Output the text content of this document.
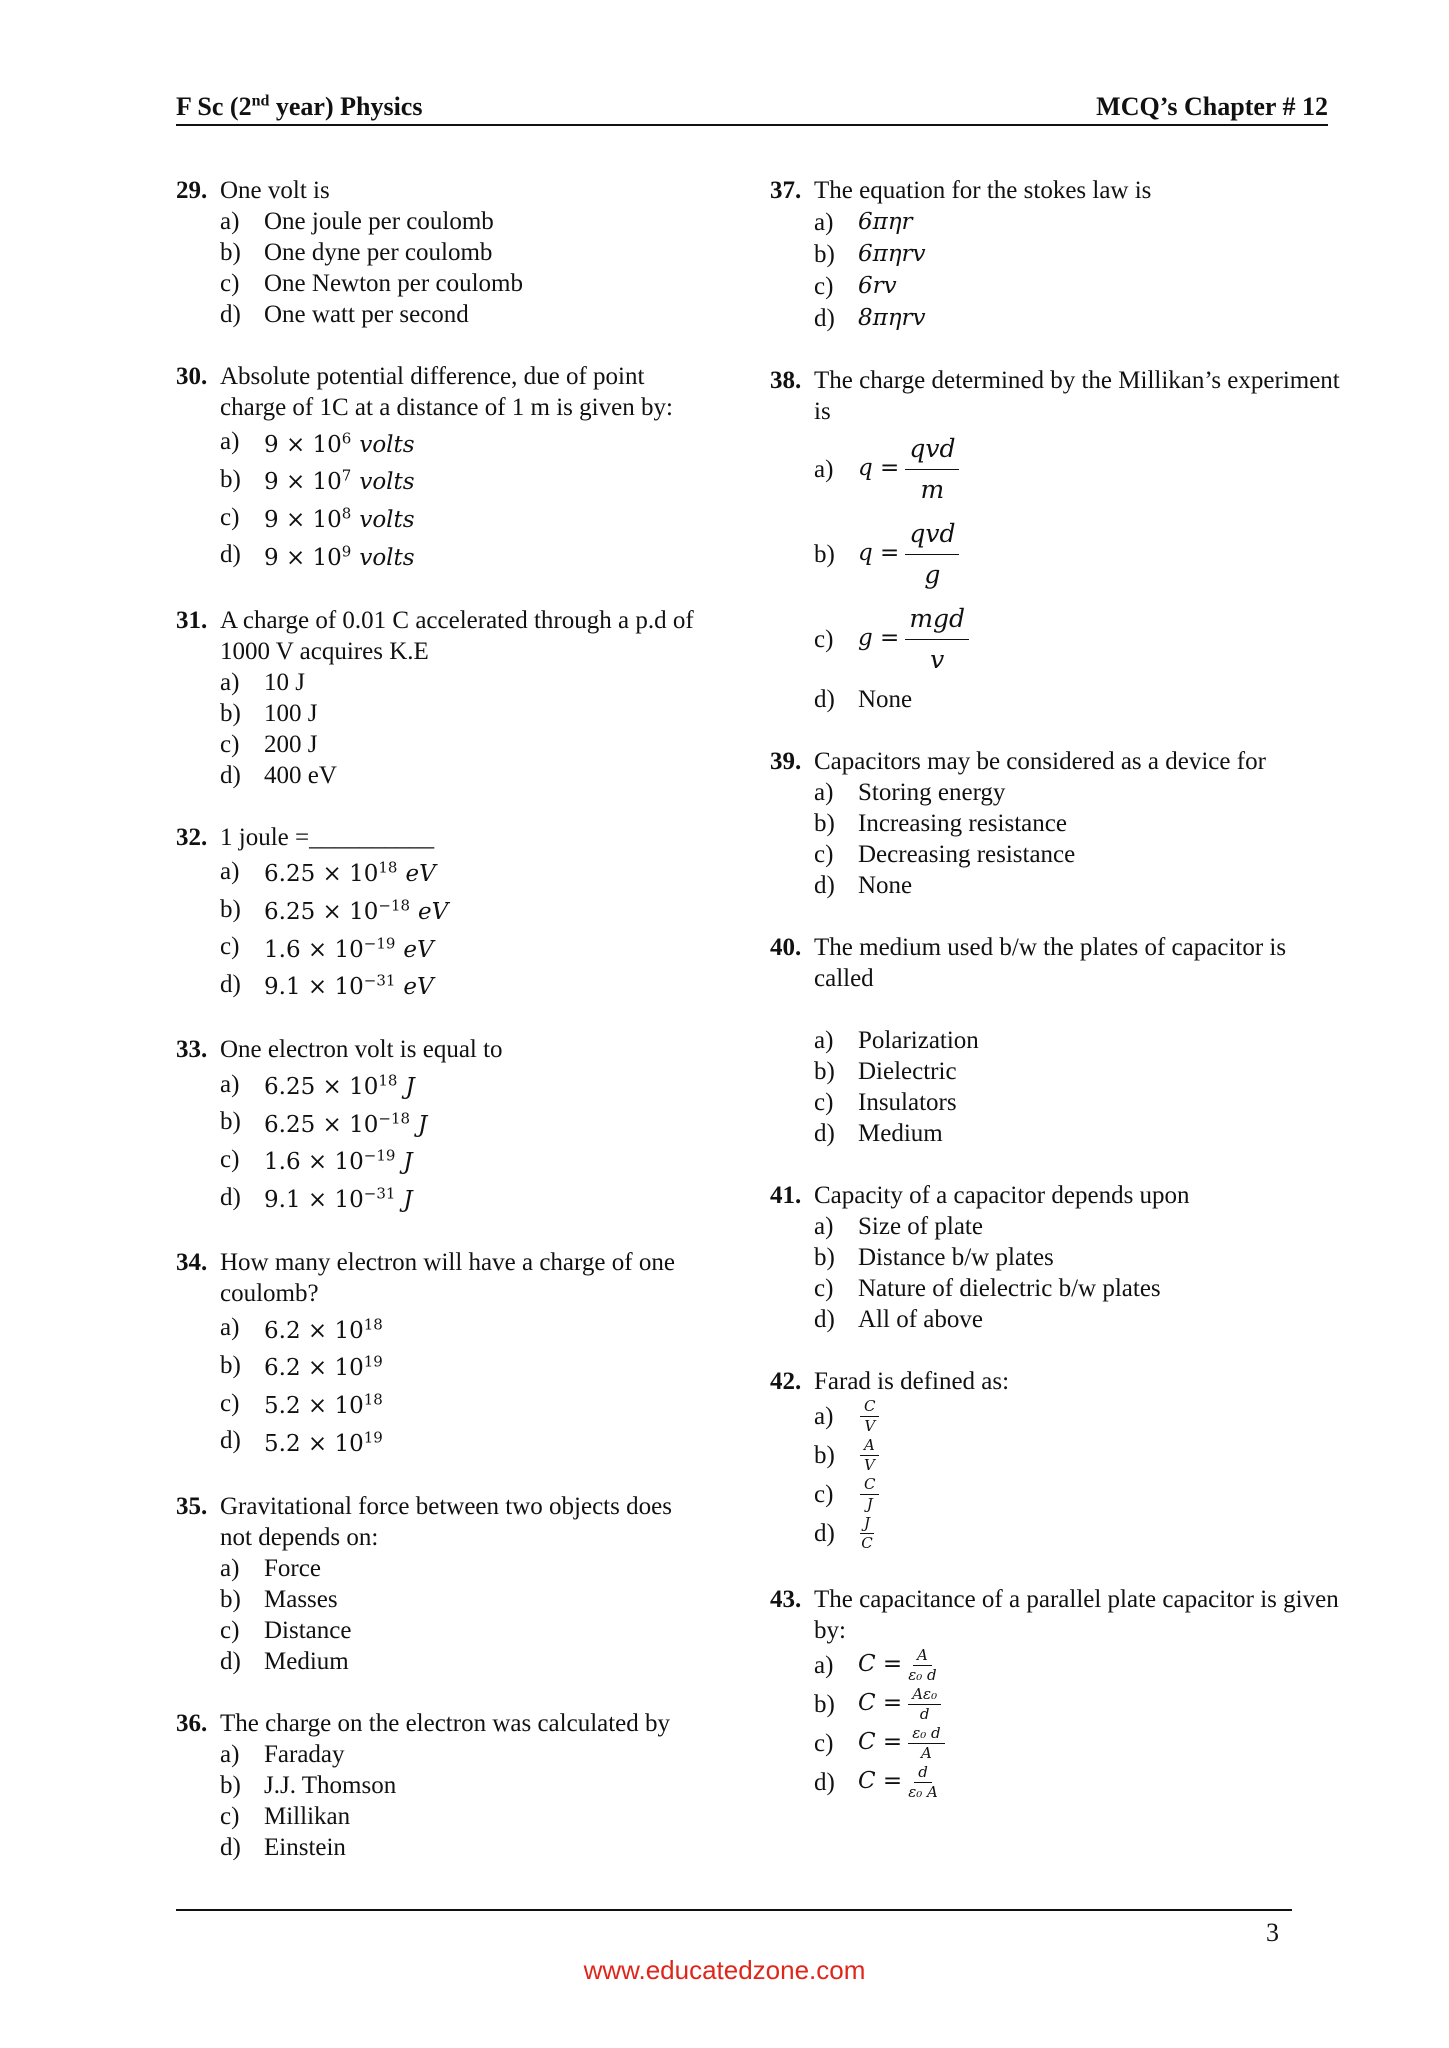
F Sc (2nd year) Physics	MCQ’s Chapter # 12
29. One volt is
a) One joule per coulomb
b) One dyne per coulomb
c) One Newton per coulomb
d) One watt per second
30. Absolute potential difference, due of point charge of 1C at a distance of 1 m is given by:
a)	$9 \times 10^6$ volts
b)	$9 \times 10^7$ volts
c)	$9 \times 10^8$ volts
d)	$9 \times 10^9$ volts
31. A charge of 0.01 C accelerated through a p.d of 1000 V acquires K.E
a) 10 J
b) 100 J
c) 200 J
d) 400 eV
32. 1 joule =__________
a)	$6.25 \times 10^{18}$ eV
b)	$6.25 \times 10^{-18}$ eV
c)	$1.6 \times 10^{-19}$ eV
d)	$9.1 \times 10^{-31}$ eV
33. One electron volt is equal to
a)	$6.25 \times 10^{18}$ J
b)	$6.25 \times 10^{-18}$ J
c)	$1.6 \times 10^{-19}$ J
d)	$9.1 \times 10^{-31}$ J
34. How many electron will have a charge of one coulomb?
a)	$6.2 \times 10^{18}$
b)	$6.2 \times 10^{19}$
c)	$5.2 \times 10^{18}$
d)	$5.2 \times 10^{19}$
35. Gravitational force between two objects does not depends on:
a) Force
b) Masses
c) Distance
d) Medium
36. The charge on the electron was calculated by
a) Faraday
b) J.J. Thomson
c) Millikan
d) Einstein
37. The equation for the stokes law is
a)	6πηr
b)	6πηrv
c)	6rv
d)	8πηrv
38. The charge determined by the Millikan’s experiment is
a)	$q = \frac{\text{qvd}}{m}$
b)	$q = \frac{\text{qvd}}{g}$
c)	$g = \frac{\text{mgd}}{v}$
d) None
39. Capacitors may be considered as a device for
a) Storing energy
b) Increasing resistance
c) Decreasing resistance
d) None
40. The medium used b/w the plates of capacitor is called
a) Polarization
b) Dielectric
c) Insulators
d) Medium
41. Capacity of a capacitor depends upon
a) Size of plate
b) Distance b/w plates
c) Nature of dielectric b/w plates
d) All of above
42. Farad is defined as:
a)	$\frac{C}{V}$
b)	$\frac{A}{V}$
c)	$\frac{C}{J}$
d)	$\frac{J}{C}$
43. The capacitance of a parallel plate capacitor is given by:
a)	$C = \frac{A}{\text{ε₀ d}}$
b)	$C = \frac{\text{Aε₀}}{d}$
c)	$C = \frac{\text{ε₀ d}}{A}$
d)	$C = \frac{d}{\text{ε₀ A}}$
3
www.educatedzone.com
